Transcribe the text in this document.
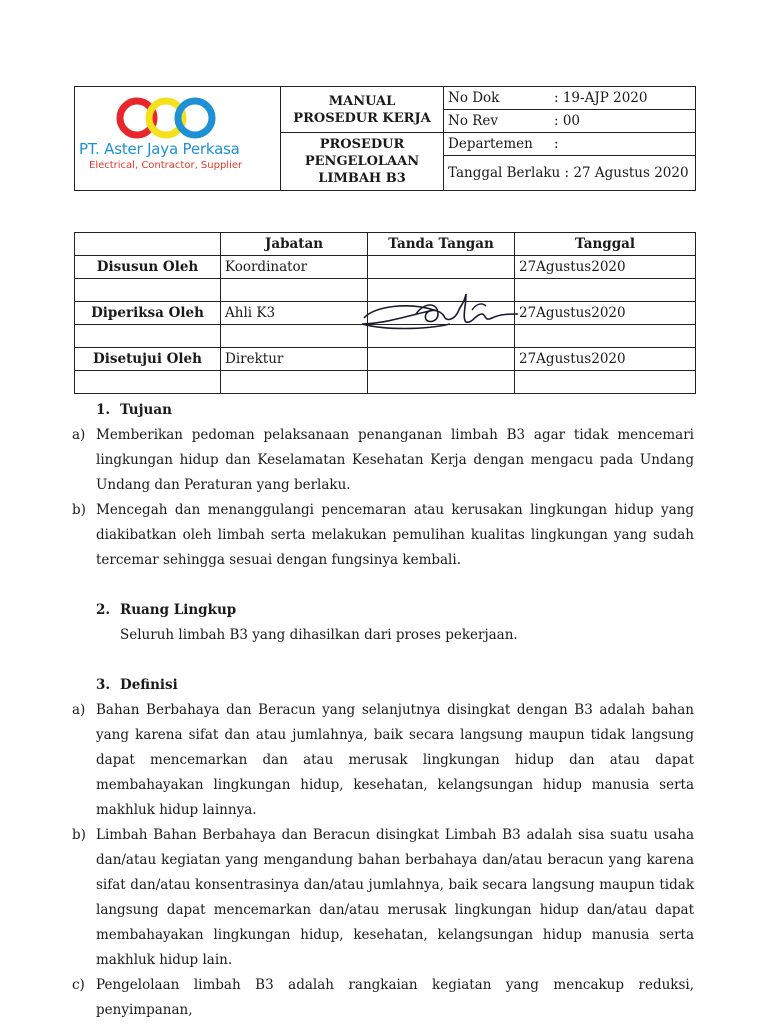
PT. Aster Jaya Perkasa
Electrical, Contractor, Supplier	MANUAL PROSEDUR KERJA	No Dok : 19-AJP 2020
		No Rev : 00
	PROSEDUR PENGELOLAAN LIMBAH B3	Departemen :
		Tanggal Berlaku : 27 Agustus 2020
	Jabatan	Tanda Tangan	Tanggal
Disusun Oleh	Koordinator		27Agustus2020

Diperiksa Oleh	Ahli K3		27Agustus2020

Disetujui Oleh	Direktur		27Agustus2020

1. Tujuan
a) Memberikan pedoman pelaksanaan penanganan limbah B3 agar tidak mencemari lingkungan hidup dan Keselamatan Kesehatan Kerja dengan mengacu pada Undang Undang dan Peraturan yang berlaku.
b) Mencegah dan menanggulangi pencemaran atau kerusakan lingkungan hidup yang diakibatkan oleh limbah serta melakukan pemulihan kualitas lingkungan yang sudah tercemar sehingga sesuai dengan fungsinya kembali.
2. Ruang Lingkup
Seluruh limbah B3 yang dihasilkan dari proses pekerjaan.
3. Definisi
a) Bahan Berbahaya dan Beracun yang selanjutnya disingkat dengan B3 adalah bahan yang karena sifat dan atau jumlahnya, baik secara langsung maupun tidak langsung dapat mencemarkan dan atau merusak lingkungan hidup dan atau dapat membahayakan lingkungan hidup, kesehatan, kelangsungan hidup manusia serta makhluk hidup lainnya.
b) Limbah Bahan Berbahaya dan Beracun disingkat Limbah B3 adalah sisa suatu usaha dan/atau kegiatan yang mengandung bahan berbahaya dan/atau beracun yang karena sifat dan/atau konsentrasinya dan/atau jumlahnya, baik secara langsung maupun tidak langsung dapat mencemarkan dan/atau merusak lingkungan hidup dan/atau dapat membahayakan lingkungan hidup, kesehatan, kelangsungan hidup manusia serta makhluk hidup lain.
c) Pengelolaan limbah B3 adalah rangkaian kegiatan yang mencakup reduksi, penyimpanan,
